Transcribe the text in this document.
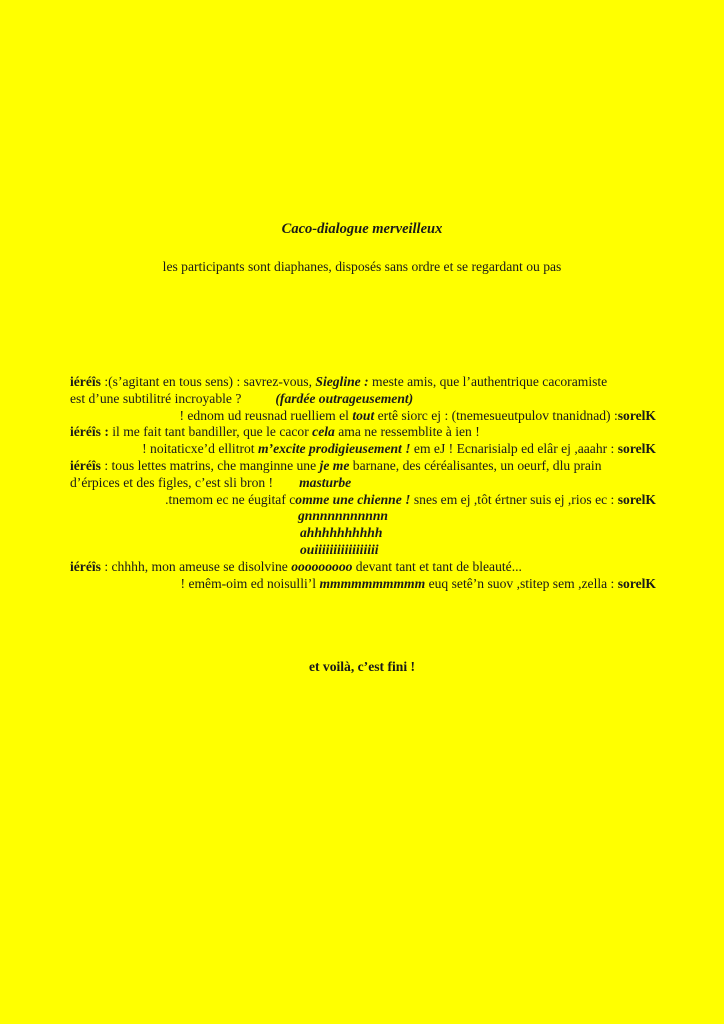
Caco-dialogue merveilleux
les participants sont diaphanes, disposés sans ordre et se regardant ou pas
iéréîs :(s’agitant en tous sens) : savrez-vous, Siegline : meste amis, que l’authentrique cacoramiste
est d’une subtilitré incroyable ?	(fardée outrageusement)
! ednom ud reusnad ruelliem el tout ertê siorc ej : (tnemesueutpulov tnanidnad) :sorelK
iéréîs : il me fait tant bandiller, que le cacor cela ama ne ressemblite à ien !
! noitaticxe’d ellitrot m’excite prodigieusement ! em eJ ! Ecnarisialp ed elâr ej ,aaahr : sorelK
iéréîs : tous lettes matrins, che manginne une je me barnane, des céréalisantes, un oeurf, dlu prain
d’érpices et des figles, c’est sli bron ! masturbe
.tnemom ec ne éugitaf comme une chienne ! snes em ej ,tôt értner suis ej ,rios ec : sorelK
gnnnnnnnnnnn
ahhhhhhhhhh
ouiiiiiiiiiiiiiiiii
iéréîs : chhhh, mon ameuse se disolvine ooooooooo devant tant et tant de bleauté...
! emêm-oim ed noisulli’l mmmmmmmmmm euq setê’n suov ,stitep sem ,zella : sorelK
et voilà, c’est fini !
